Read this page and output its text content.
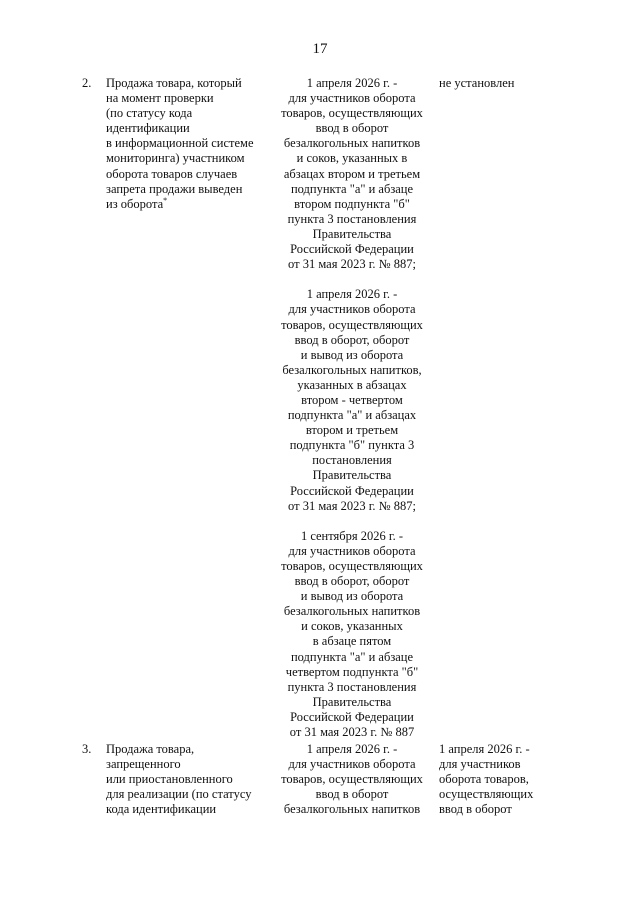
17
2. Продажа товара, который
на момент проверки
(по статусу кода
идентификации
в информационной системе
мониторинга) участником
оборота товаров случаев
запрета продажи выведен
из оборота*
1 апреля 2026 г. -
для участников оборота
товаров, осуществляющих
ввод в оборот
безалкогольных напитков
и соков, указанных в
абзацах втором и третьем
подпункта "а" и абзаце
втором подпункта "б"
пункта 3 постановления
Правительства
Российской Федерации
от 31 мая 2023 г. № 887;
1 апреля 2026 г. -
для участников оборота
товаров, осуществляющих
ввод в оборот, оборот
и вывод из оборота
безалкогольных напитков,
указанных в абзацах
втором - четвертом
подпункта "а" и абзацах
втором и третьем
подпункта "б" пункта 3
постановления
Правительства
Российской Федерации
от 31 мая 2023 г. № 887;
1 сентября 2026 г. -
для участников оборота
товаров, осуществляющих
ввод в оборот, оборот
и вывод из оборота
безалкогольных напитков
и соков, указанных
в абзаце пятом
подпункта "а" и абзаце
четвертом подпункта "б"
пункта 3 постановления
Правительства
Российской Федерации
от 31 мая 2023 г. № 887
не установлен
3. Продажа товара,
запрещенного
или приостановленного
для реализации (по статусу
кода идентификации
1 апреля 2026 г. -
для участников оборота
товаров, осуществляющих
ввод в оборот
безалкогольных напитков
1 апреля 2026 г. -
для участников
оборота товаров,
осуществляющих
ввод в оборот
